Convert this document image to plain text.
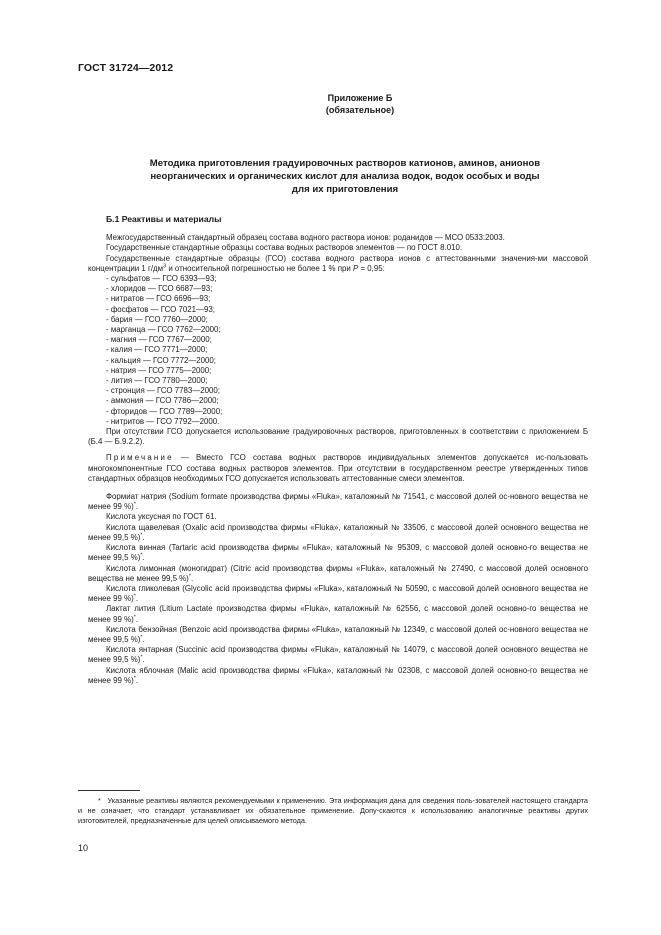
ГОСТ 31724—2012
Приложение Б
(обязательное)
Методика приготовления градуировочных растворов катионов, аминов, анионов
неорганических и органических кислот для анализа водок, водок особых и воды
для их приготовления

Б.1 Реактивы и материалы

Межгосударственный стандартный образец состава водного раствора ионов: роданидов — МСО 0533:2003.

Государственные стандартные образцы состава водных растворов элементов — по ГОСТ 8.010.

Государственные стандартные образцы (ГСО) состава водного раствора ионов с аттестованными значения-ми массовой концентрации 1 $г/дм^3$ и относительной погрешностью не более 1 % при P = 0,95:

- сульфатов — ГСО 6393—93;

- хлоридов — ГСО 6687—93;

- нитратов — ГСО 6696—93;

- фосфатов — ГСО 7021—93;

- бария — ГСО 7760—2000;

- марганца — ГСО 7762—2000;

- магния — ГСО 7767—2000;

- калия — ГСО 7771—2000;

- кальция — ГСО 7772—2000;

- натрия — ГСО 7775—2000;

- лития — ГСО 7780—2000;

- стронция — ГСО 7783—2000;

- аммония — ГСО 7786—2000;

- фторидов — ГСО 7789—2000;

- нитритов — ГСО 7792—2000.

При отсутствии ГСО допускается использование градуировочных растворов, приготовленных в соответствии с приложением Б (Б.4 — Б.9.2.2).

Примечание — Вместо ГСО состава водных растворов индивидуальных элементов допускается ис-пользовать многокомпонентные ГСО состава водных растворов элементов. При отсутствии в государственном реестре утвержденных типов стандартных образцов необходимых ГСО допускается использовать аттестованные смеси элементов.

Формиат натрия (Sodium formate производства фирмы «Fluka», каталожный № 71541, с массовой долей ос-новного вещества не менее 99 %)*.

Кислота уксусная по ГОСТ 61.

Кислота щавелевая (Oxalic acid производства фирмы «Fluka», каталожный № 33506, с массовой долей основного вещества не менее 99,5 %)*.

Кислота винная (Tartaric acid производства фирмы «Fluka», каталожный № 95309, с массовой долей основно-го вещества не менее 99,5 %)*.

Кислота лимонная (моногидрат) (Citric acid производства фирмы «Fluka», каталожный № 27490, с массовой долей основного вещества не менее 99,5 %)*.

Кислота гликолевая (Glycolic acid производства фирмы «Fluka», каталожный № 50590, с массовой долей основного вещества не менее 99 %)*.

Лактат лития (Litium Lactate производства фирмы «Fluka», каталожный № 62556, с массовой долей основно-го вещества не менее 99 %)*.

Кислота бензойная (Benzoic acid производства фирмы «Fluka», каталожный № 12349, с массовой долей ос-новного вещества не менее 99,5 %)*.

Кислота янтарная (Succinic acid производства фирмы «Fluka», каталожный № 14079, с массовой долей основного вещества не менее 99,5 %)*.

Кислота яблочная (Malic acid производства фирмы «Fluka», каталожный № 02308, с массовой долей основно-го вещества не менее 99 %)*.

* Указанные реактивы являются рекомендуемыми к применению. Эта информация дана для сведения поль-зователей настоящего стандарта и не означает, что стандарт устанавливает их обязательное применение. Допу-скаются к использованию аналогичные реактивы других изготовителей, предназначенные для целей описываемого метода.

10
